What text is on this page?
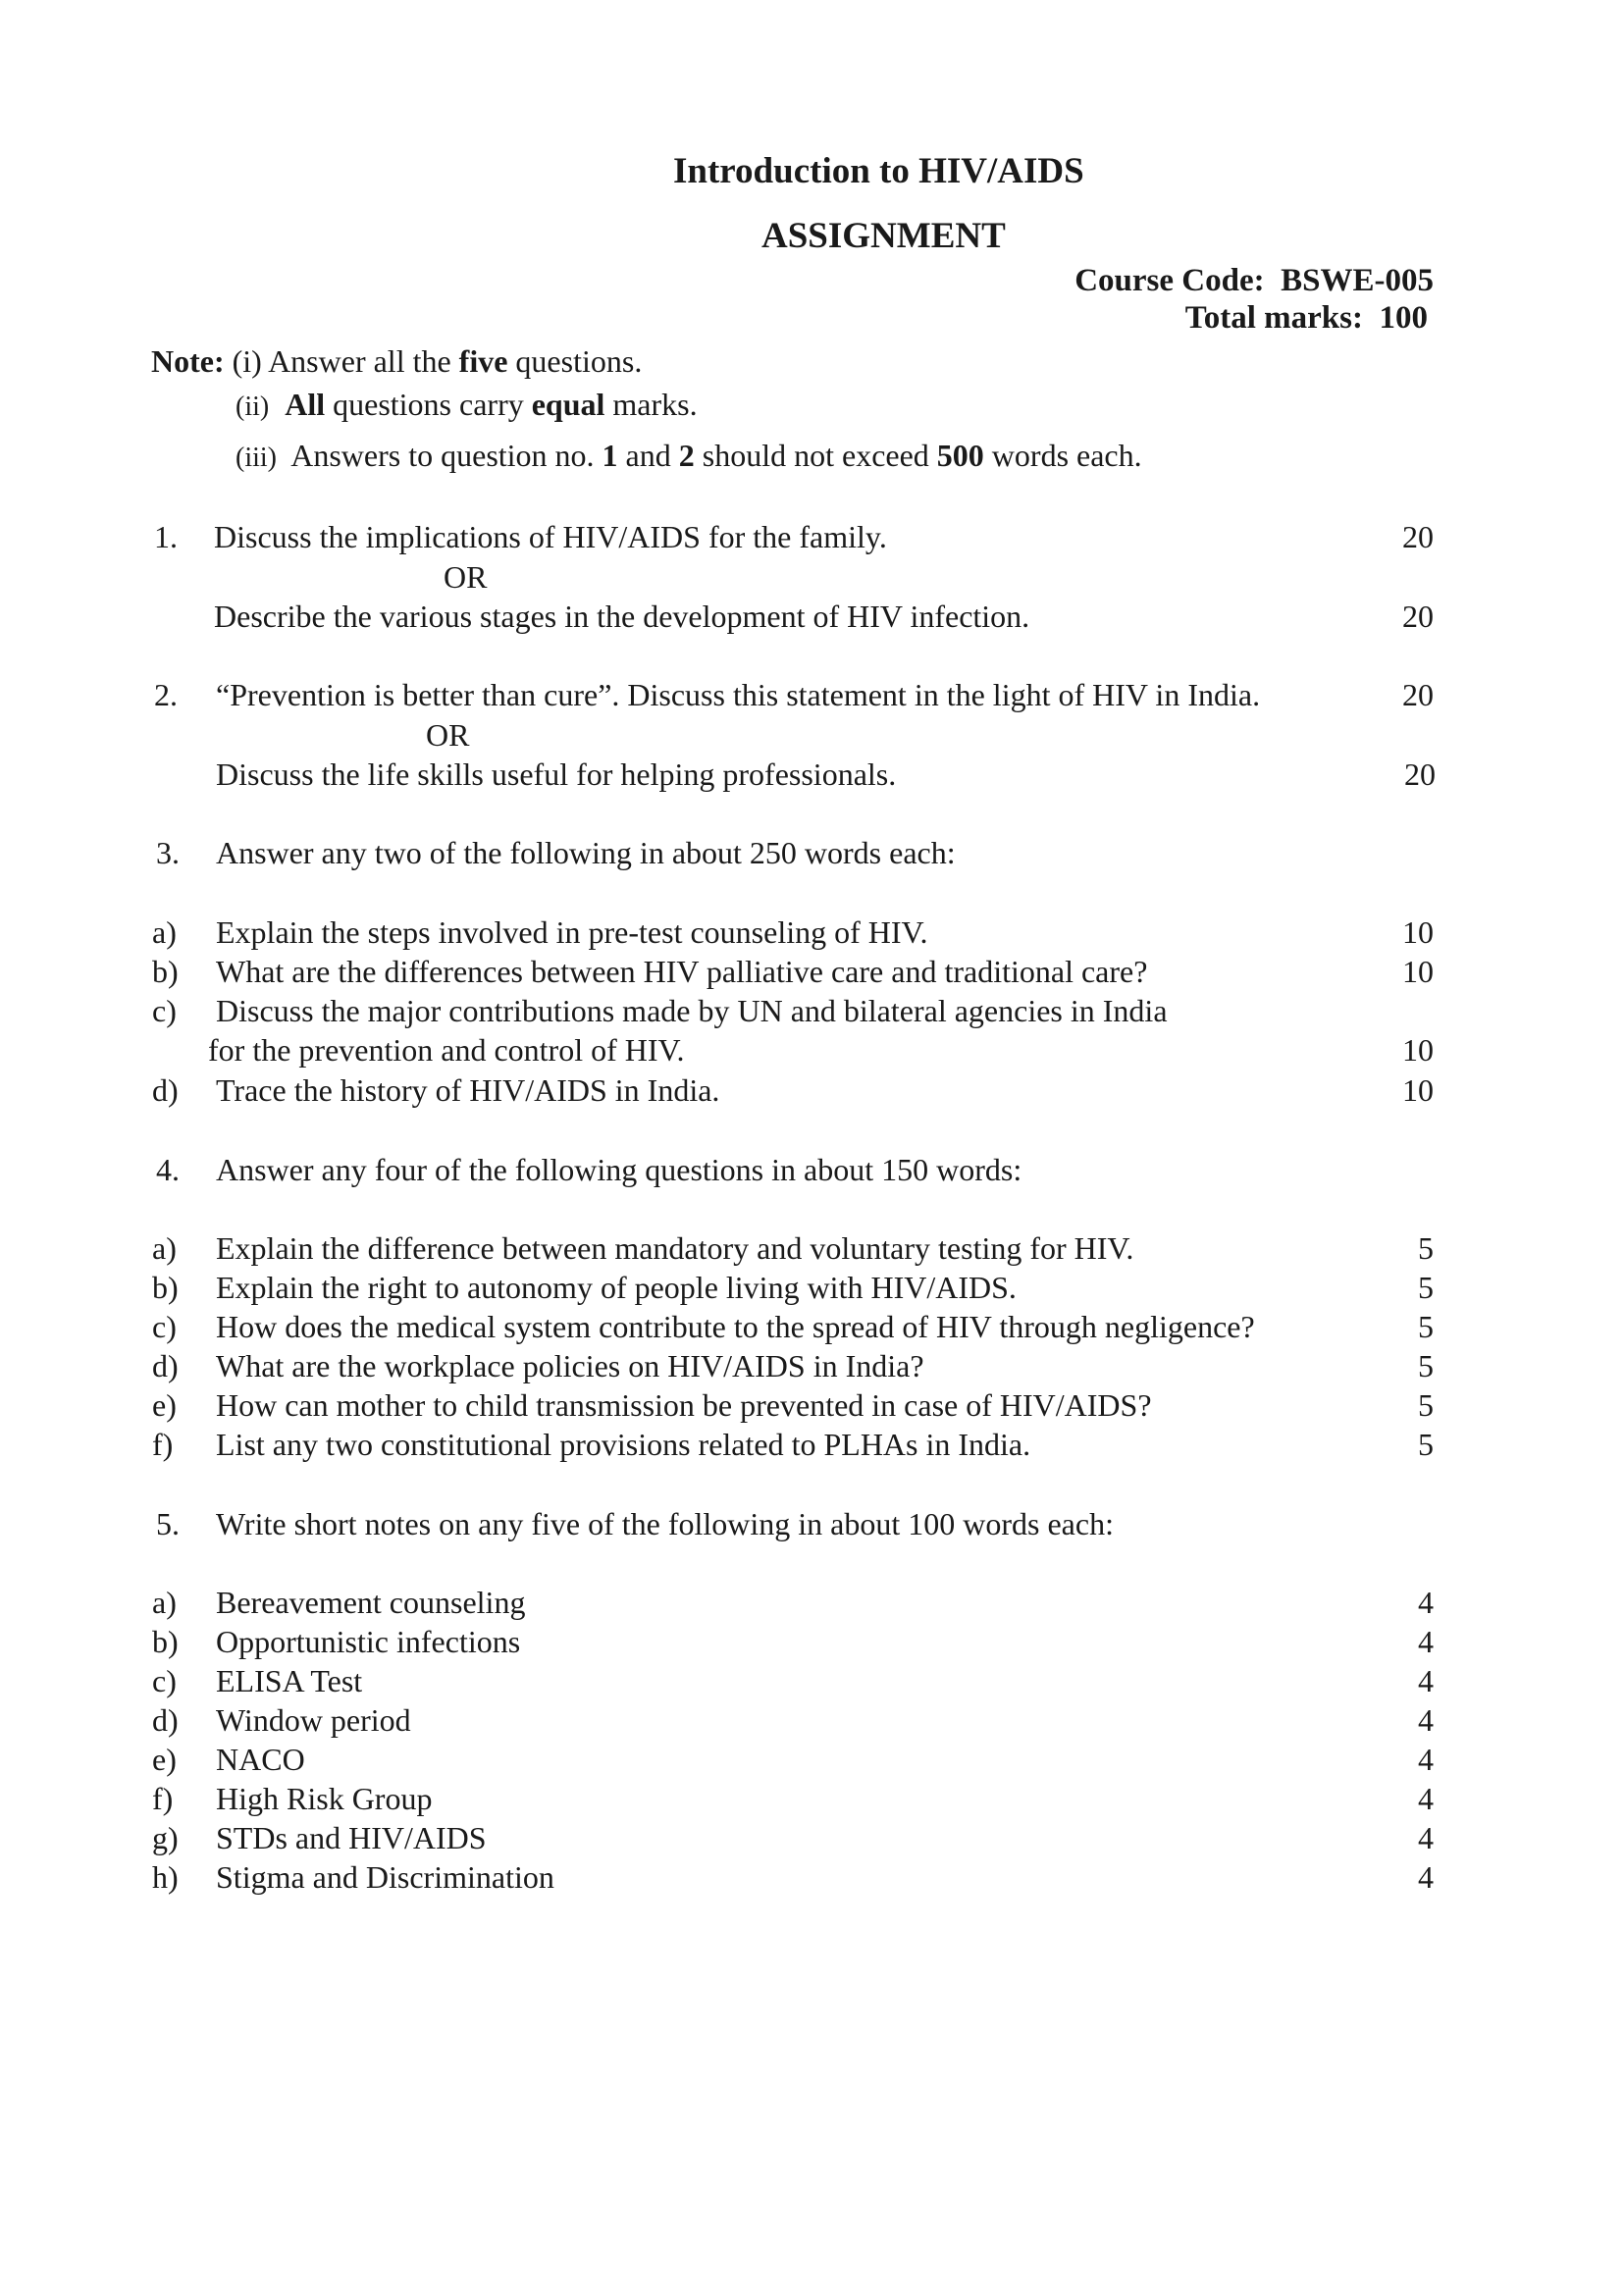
Introduction to HIV/AIDS
ASSIGNMENT
Course Code: BSWE-005
Total marks: 100
Note: (i) Answer all the five questions.
(ii) All questions carry equal marks.
(iii) Answers to question no. 1 and 2 should not exceed 500 words each.
1. Discuss the implications of HIV/AIDS for the family.	20
OR
Describe the various stages in the development of HIV infection.	20
2. “Prevention is better than cure”. Discuss this statement in the light of HIV in India.	20
OR
Discuss the life skills useful for helping professionals.	20
3. Answer any two of the following in about 250 words each:
a) Explain the steps involved in pre-test counseling of HIV.	10
b) What are the differences between HIV palliative care and traditional care?	10
c) Discuss the major contributions made by UN and bilateral agencies in India
for the prevention and control of HIV.	10
d) Trace the history of HIV/AIDS in India.	10
4. Answer any four of the following questions in about 150 words:
a) Explain the difference between mandatory and voluntary testing for HIV.	5
b) Explain the right to autonomy of people living with HIV/AIDS.	5
c) How does the medical system contribute to the spread of HIV through negligence?	5
d) What are the workplace policies on HIV/AIDS in India?	5
e) How can mother to child transmission be prevented in case of HIV/AIDS?	5
f) List any two constitutional provisions related to PLHAs in India.	5
5. Write short notes on any five of the following in about 100 words each:
a) Bereavement counseling	4
b) Opportunistic infections	4
c) ELISA Test	4
d) Window period	4
e) NACO	4
f) High Risk Group	4
g) STDs and HIV/AIDS	4
h) Stigma and Discrimination	4
